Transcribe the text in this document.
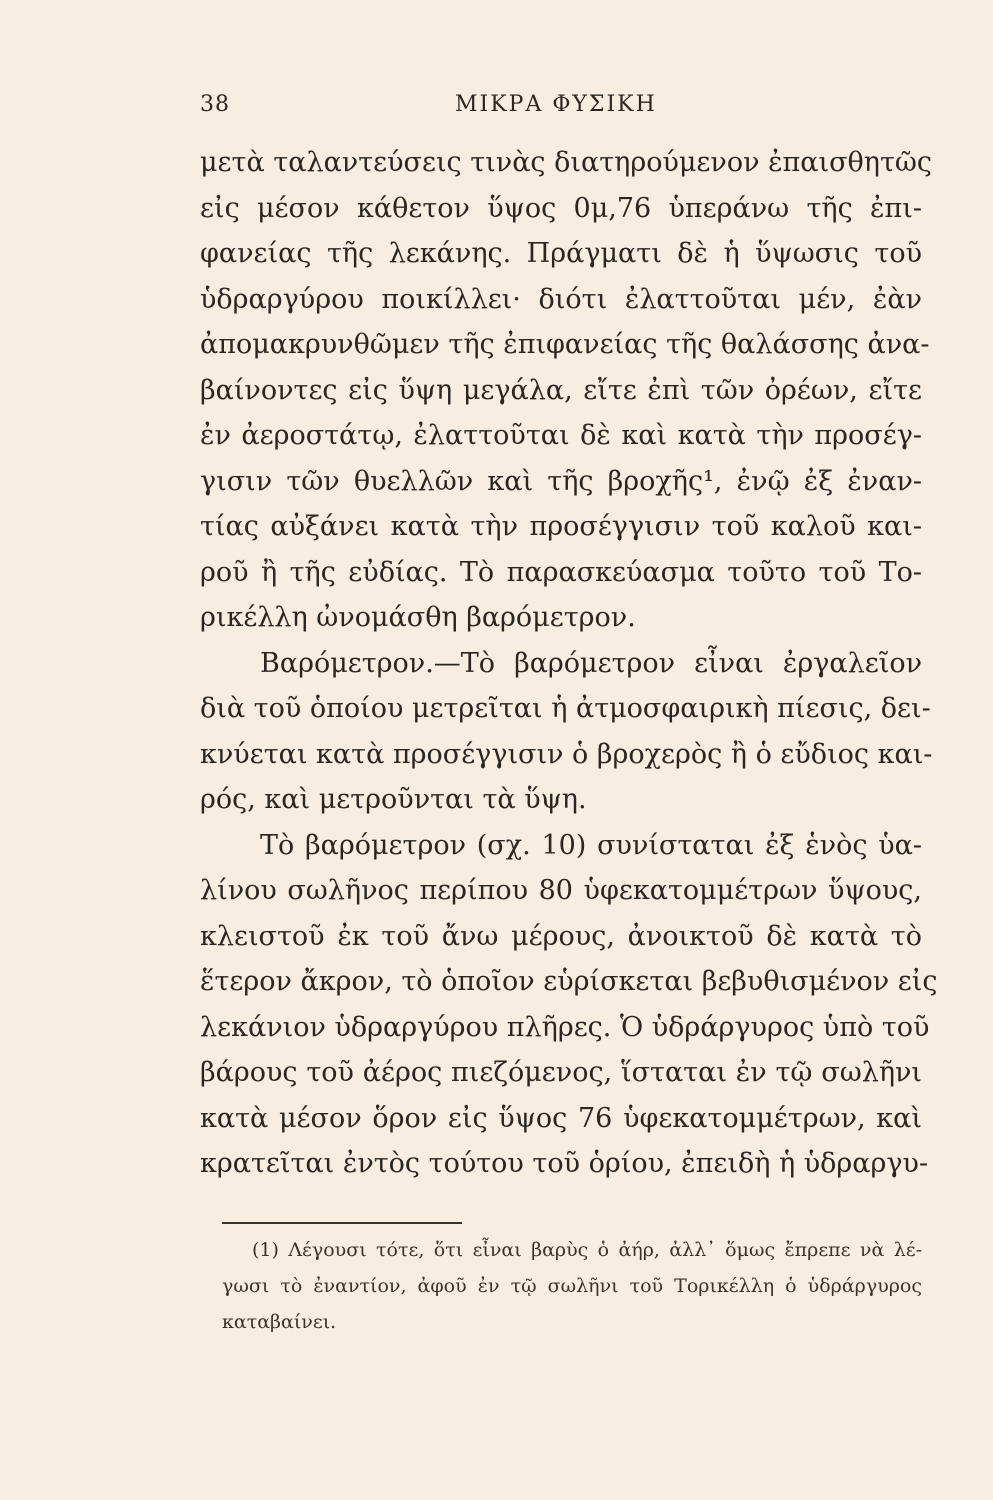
38	ΜΙΚΡΑ ΦΥΣΙΚΗ
μετὰ ταλαντεύσεις τινὰς διατηρούμενον ἐπαισθητῶς
εἰς μέσον κάθετον ὕψος 0μ,76 ὑπεράνω τῆς ἐπι-
φανείας τῆς λεκάνης. Πράγματι δὲ ἡ ὕψωσις τοῦ
ὑδραργύρου ποικίλλει· διότι ἐλαττοῦται μέν, ἐὰν
ἀπομακρυνθῶμεν τῆς ἐπιφανείας τῆς θαλάσσης ἀνα-
βαίνοντες εἰς ὕψη μεγάλα, εἴτε ἐπὶ τῶν ὀρέων, εἴτε
ἐν ἀεροστάτῳ, ἐλαττοῦται δὲ καὶ κατὰ τὴν προσέγ-
γισιν τῶν θυελλῶν καὶ τῆς βροχῆς¹, ἐνῷ ἐξ ἐναν-
τίας αὐξάνει κατὰ τὴν προσέγγισιν τοῦ καλοῦ και-
ροῦ ἢ τῆς εὐδίας. Τὸ παρασκεύασμα τοῦτο τοῦ Το-
ρικέλλη ὠνομάσθη βαρόμετρον.
Βαρόμετρον.—Τὸ βαρόμετρον εἶναι ἐργαλεῖον
διὰ τοῦ ὁποίου μετρεῖται ἡ ἀτμοσφαιρικὴ πίεσις, δει-
κνύεται κατὰ προσέγγισιν ὁ βροχερὸς ἢ ὁ εὔδιος και-
ρός, καὶ μετροῦνται τὰ ὕψη.
Τὸ βαρόμετρον (σχ. 10) συνίσταται ἐξ ἑνὸς ὑα-
λίνου σωλῆνος περίπου 80 ὑφεκατομμέτρων ὕψους,
κλειστοῦ ἐκ τοῦ ἄνω μέρους, ἀνοικτοῦ δὲ κατὰ τὸ
ἕτερον ἄκρον, τὸ ὁποῖον εὑρίσκεται βεβυθισμένον εἰς
λεκάνιον ὑδραργύρου πλῆρες. Ὁ ὑδράργυρος ὑπὸ τοῦ
βάρους τοῦ ἀέρος πιεζόμενος, ἵσταται ἐν τῷ σωλῆνι
κατὰ μέσον ὅρον εἰς ὕψος 76 ὑφεκατομμέτρων, καὶ
κρατεῖται ἐντὸς τούτου τοῦ ὁρίου, ἐπειδὴ ἡ ὑδραργυ-
(1) Λέγουσι τότε, ὅτι εἶναι βαρὺς ὁ ἀήρ, ἀλλ᾽ ὅμως ἔπρεπε νὰ λέ-
γωσι τὸ ἐναντίον, ἀφοῦ ἐν τῷ σωλῆνι τοῦ Τορικέλλη ὁ ὑδράργυρος
καταβαίνει.
